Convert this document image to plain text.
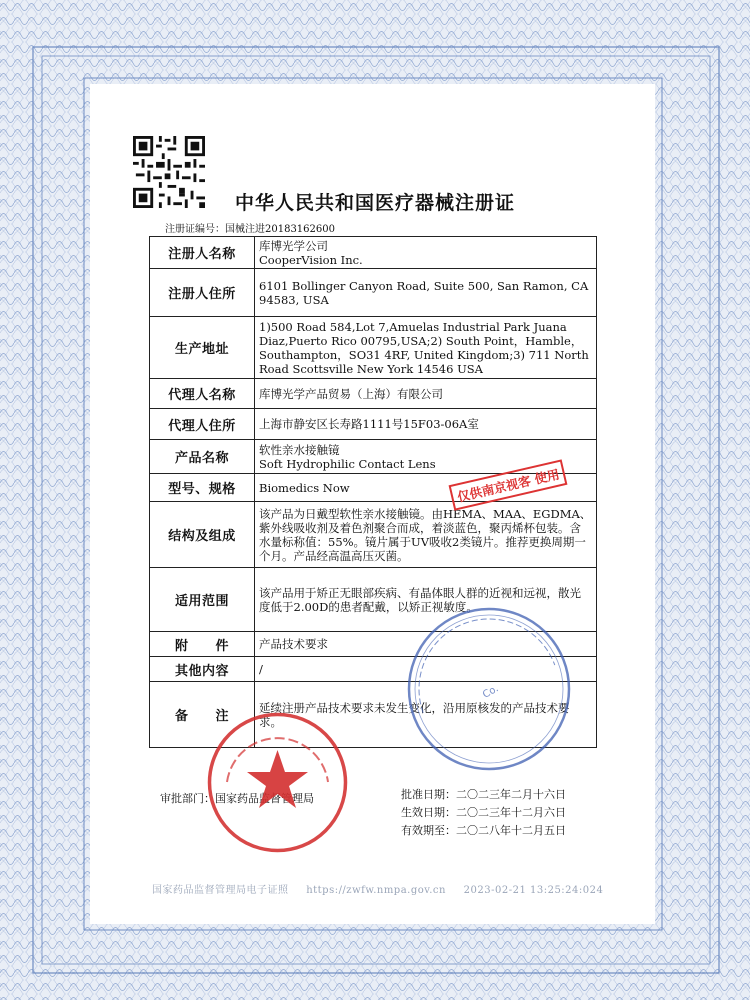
中华人民共和国医疗器械注册证
注册证编号：国械注进20183162600
注册人名称	库博光学公司
CooperVision Inc.
注册人住所	6101 Bollinger Canyon Road, Suite 500, San Ramon, CA 94583, USA
生产地址	1)500 Road 584,Lot 7,Amuelas Industrial Park Juana Diaz,Puerto Rico 00795,USA;2) South Point，Hamble，Southampton，SO31 4RF, United Kingdom;3) 711 North Road Scottsville New York 14546 USA
代理人名称	库博光学产品贸易（上海）有限公司
代理人住所	上海市静安区长寿路1111号15F03-06A室
产品名称	软性亲水接触镜
Soft Hydrophilic Contact Lens
型号、规格	Biomedics Now
结构及组成	该产品为日戴型软性亲水接触镜。由HEMA、MAA、EGDMA、紫外线吸收剂及着色剂聚合而成，着淡蓝色，聚丙烯杯包装。含水量标称值：55%。镜片属于UV吸收2类镜片。推荐更换周期一个月。产品经高温高压灭菌。
适用范围	该产品用于矫正无眼部疾病、有晶体眼人群的近视和远视，散光度低于2.00D的患者配戴，以矫正视敏度。
附　　件	产品技术要求
其他内容	/
备　　注	延续注册产品技术要求未发生变化，沿用原核发的产品技术要求。
审批部门：国家药品监督管理局	批准日期：二〇二三年二月十六日
生效日期：二〇二三年十二月六日
有效期至：二〇二八年十二月五日
国家药品监督管理局电子证照 https://zwfw.nmpa.gov.cn 2023-02-21 13:25:24:024
仅供南京视客 使用
Co.
